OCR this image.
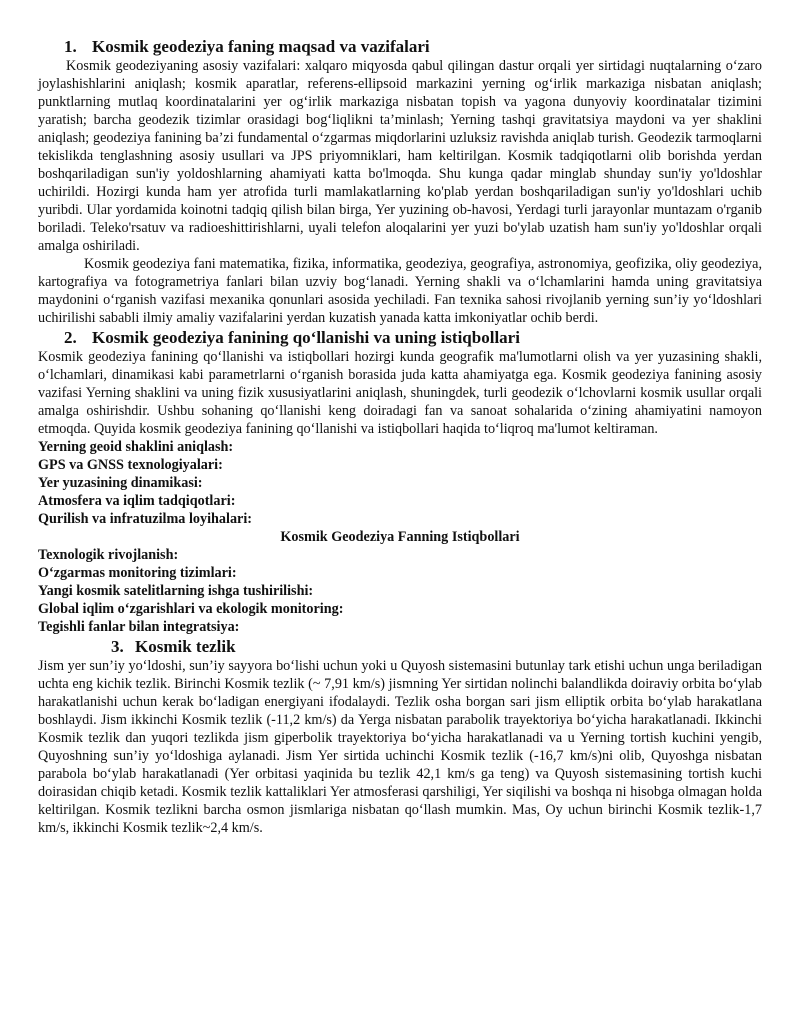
1. Kosmik geodeziya faning maqsad va vazifalari

Kosmik geodeziyaning asosiy vazifalari: xalqaro miqyosda qabul qilingan dastur orqali yer sirtidagi nuqtalarning o‘zaro joylashishlarini aniqlash; kosmik aparatlar, referens-ellipsoid markazini yerning og‘irlik markaziga nisbatan aniqlash; punktlarning mutlaq koordinatalarini yer og‘irlik markaziga nisbatan topish va yagona dunyoviy koordinatalar tizimini yaratish; barcha geodezik tizimlar orasidagi bog‘liqlikni ta’minlash; Yerning tashqi gravitatsiya maydoni va yer shaklini aniqlash; geodeziya fanining ba’zi fundamental o‘zgarmas miqdorlarini uzluksiz ravishda aniqlab turish. Geodezik tarmoqlarni tekislikda tenglashning asosiy usullari va JPS priyomniklari, ham keltirilgan. Kosmik tadqiqotlarni olib borishda yerdan boshqariladigan sun'iy yoldoshlarning ahamiyati katta bo'lmoqda. Shu kunga qadar minglab shunday sun'iy yo'ldoshlar uchirildi. Hozirgi kunda ham yer atrofida turli mamlakatlarning ko'plab yerdan boshqariladigan sun'iy yo'ldoshlari uchib yuribdi. Ular yordamida koinotni tadqiq qilish bilan birga, Yer yuzining ob-havosi, Yerdagi turli jarayonlar muntazam o'rganib boriladi. Teleko'rsatuv va radioeshittirishlarni, uyali telefon aloqalarini yer yuzi bo'ylab uzatish ham sun'iy yo'ldoshlar orqali amalga oshiriladi.

Kosmik geodeziya fani matematika, fizika, informatika, geodeziya, geografiya, astronomiya, geofizika, oliy geodeziya, kartografiya va fotogrametriya fanlari bilan uzviy bog‘lanadi. Yerning shakli va o‘lchamlarini hamda uning gravitatsiya maydonini o‘rganish vazifasi mexanika qonunlari asosida yechiladi. Fan texnika sahosi rivojlanib yerning sun’iy yo‘ldoshlari uchirilishi sababli ilmiy amaliy vazifalarini yerdan kuzatish yanada katta imkoniyatlar ochib berdi.

2. Kosmik geodeziya fanining qo‘llanishi va uning istiqbollari

Kosmik geodeziya fanining qo‘llanishi va istiqbollari hozirgi kunda geografik ma'lumotlarni olish va yer yuzasining shakli, o‘lchamlari, dinamikasi kabi parametrlarni o‘rganish borasida juda katta ahamiyatga ega. Kosmik geodeziya fanining asosiy vazifasi Yerning shaklini va uning fizik xususiyatlarini aniqlash, shuningdek, turli geodezik o‘lchovlarni kosmik usullar orqali amalga oshirishdir. Ushbu sohaning qo‘llanishi keng doiradagi fan va sanoat sohalarida o‘zining ahamiyatini namoyon etmoqda. Quyida kosmik geodeziya fanining qo‘llanishi va istiqbollari haqida to‘liqroq ma'lumot keltiraman.

Yerning geoid shaklini aniqlash:
GPS va GNSS texnologiyalari:
Yer yuzasining dinamikasi:
Atmosfera va iqlim tadqiqotlari:
Qurilish va infratuzilma loyihalari:
Kosmik Geodeziya Fanning Istiqbollari
Texnologik rivojlanish:
O‘zgarmas monitoring tizimlari:
Yangi kosmik satelitlarning ishga tushirilishi:
Global iqlim o‘zgarishlari va ekologik monitoring:
Tegishli fanlar bilan integratsiya:
3. Kosmik tezlik

Jism yer sun’iy yo‘ldoshi, sun’iy sayyora bo‘lishi uchun yoki u Quyosh sistemasini butunlay tark etishi uchun unga beriladigan uchta eng kichik tezlik. Birinchi Kosmik tezlik (~ 7,91 km/s) jismning Yer sirtidan nolinchi balandlikda doiraviy orbita bo‘ylab harakatlanishi uchun kerak bo‘ladigan energiyani ifodalaydi. Tezlik osha borgan sari jism elliptik orbita bo‘ylab harakatlana boshlaydi. Jism ikkinchi Kosmik tezlik (-11,2 km/s) da Yerga nisbatan parabolik trayektoriya bo‘yicha harakatlanadi. Ikkinchi Kosmik tezlik dan yuqori tezlikda jism giperbolik trayektoriya bo‘yicha harakatlanadi va u Yerning tortish kuchini yengib, Quyoshning sun’iy yo‘ldoshiga aylanadi. Jism Yer sirtida uchinchi Kosmik tezlik (-16,7 km/s)ni olib, Quyoshga nisbatan parabola bo‘ylab harakatlanadi (Yer orbitasi yaqinida bu tezlik 42,1 km/s ga teng) va Quyosh sistemasining tortish kuchi doirasidan chiqib ketadi. Kosmik tezlik kattaliklari Yer atmosferasi qarshiligi, Yer siqilishi va boshqa ni hisobga olmagan holda keltirilgan. Kosmik tezlikni barcha osmon jismlariga nisbatan qo‘llash mumkin. Mas, Oy uchun birinchi Kosmik tezlik-1,7 km/s, ikkinchi Kosmik tezlik~2,4 km/s.
